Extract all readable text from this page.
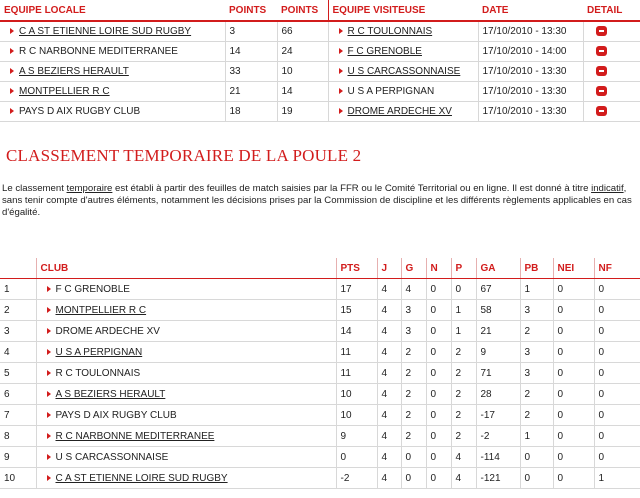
EQUIPE LOCALE	POINTS	POINTS	EQUIPE VISITEUSE	DATE	DETAIL
C A ST ETIENNE LOIRE SUD RUGBY	3	66	R C TOULONNAIS	17/10/2010 - 13:30	
R C NARBONNE MEDITERRANEE	14	24	F C GRENOBLE	17/10/2010 - 14:00	
A S BEZIERS HERAULT	33	10	U S CARCASSONNAISE	17/10/2010 - 13:30	
MONTPELLIER R C	21	14	U S A PERPIGNAN	17/10/2010 - 13:30	
PAYS D AIX RUGBY CLUB	18	19	DROME ARDECHE XV	17/10/2010 - 13:30	
CLASSEMENT TEMPORAIRE DE LA POULE 2

Le classement temporaire est établi à partir des feuilles de match saisies par la FFR ou le Comité Territorial ou en ligne. Il est donné à titre indicatif, sans tenir compte d'autres éléments, notamment les décisions prises par la Commission de discipline et les différents règlements applicables en cas d'égalité.

	CLUB	PTS	J	G	N	P	GA	PB	NEI	NF
1	F C GRENOBLE	17	4	4	0	0	67	1	0	0
2	MONTPELLIER R C	15	4	3	0	1	58	3	0	0
3	DROME ARDECHE XV	14	4	3	0	1	21	2	0	0
4	U S A PERPIGNAN	11	4	2	0	2	9	3	0	0
5	R C TOULONNAIS	11	4	2	0	2	71	3	0	0
6	A S BEZIERS HERAULT	10	4	2	0	2	28	2	0	0
7	PAYS D AIX RUGBY CLUB	10	4	2	0	2	-17	2	0	0
8	R C NARBONNE MEDITERRANEE	9	4	2	0	2	-2	1	0	0
9	U S CARCASSONNAISE	0	4	0	0	4	-114	0	0	0
10	C A ST ETIENNE LOIRE SUD RUGBY	-2	4	0	0	4	-121	0	0	1
